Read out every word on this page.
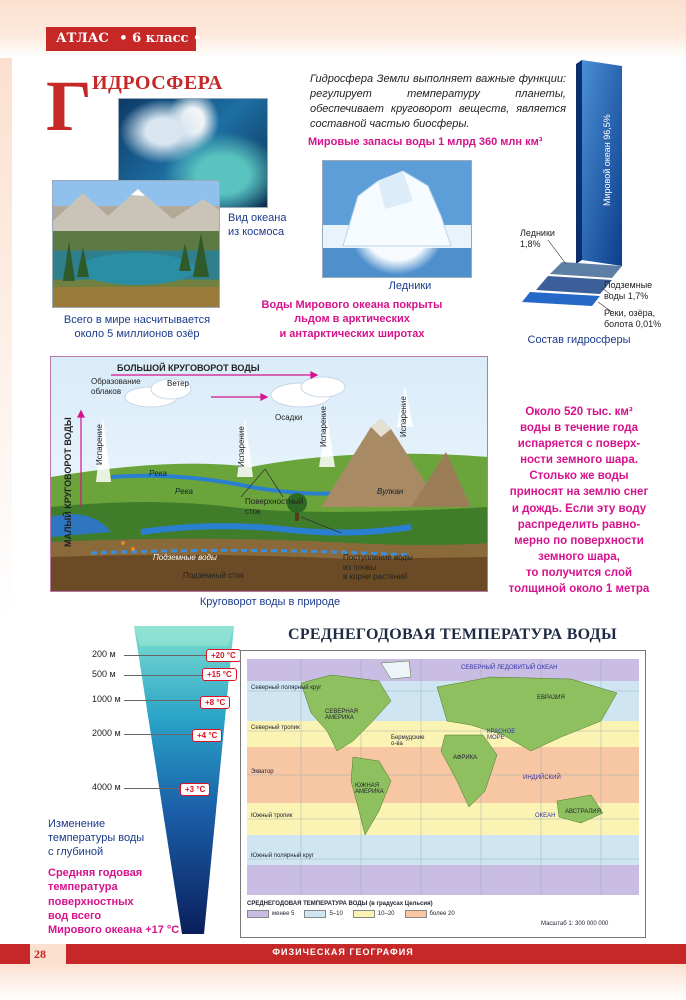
АТЛАС • 6 класс •
Г ИДРОСФЕРА	Гидросфера Земли выполняет важные функции: регулирует температуру планеты, обеспечивает круговорот веществ, является составной частью биосферы.
Мировые запасы воды 1 млрд 360 млн км³
Вид океана
из космоса
Всего в мире насчитывается
около 5 миллионов озёр
Ледники
Воды Мирового океана покрыты
льдом в арктических
и антарктических широтах
Мировой океан 96,5%
Ледники
1,8%
Подземные
воды 1,7%
Реки, озёра,
болота 0,01%
Состав гидросферы
БОЛЬШОЙ КРУГОВОРОТ ВОДЫ
Образование
облаков
Ветер
Осадки
Испарение	Испарение	Испарение	Испарение
МАЛЫЙ КРУГОВОРОТ ВОДЫ	Река
Река
Поверхностный
сток
Вулкан
Подземные воды
Подземный сток
Поступление воды
из почвы
в корни растений
Круговорот воды в природе
Около 520 тыс. км³
воды в течение года
испаряется с поверх-
ности земного шара.
Столько же воды
приносят на землю снег
и дождь. Если эту воду
распределить равно-
мерно по поверхности
земного шара,
то получится слой
толщиной около 1 метра
200 м
500 м
1000 м
2000 м
4000 м
+20 °C
+15 °C
+8 °C
+4 °C
+3 °C
Изменение
температуры воды
с глубиной
Средняя годовая
температура
поверхностных
вод всего
Мирового океана +17 °C
СРЕДНЕГОДОВАЯ ТЕМПЕРАТУРА ВОДЫ
СЕВЕРНЫЙ ЛЕДОВИТЫЙ ОКЕАН
Северный полярный круг
СЕВЕРНАЯ
АМЕРИКА
ЕВРАЗИЯ
Северный тропик
Бермудские
о-ва
КРАСНОЕ
МОРЕ
АФРИКА
Экватор
ЮЖНАЯ
АМЕРИКА
ИНДИЙСКИЙ
ОКЕАН
Южный тропик
АВСТРАЛИЯ
Южный полярный круг
СРЕДНЕГОДОВАЯ ТЕМПЕРАТУРА ВОДЫ (в градусах Цельсия)
менее 5	5–10	10–20	более 20
Масштаб 1: 300 000 000
28	ФИЗИЧЕСКАЯ ГЕОГРАФИЯ
